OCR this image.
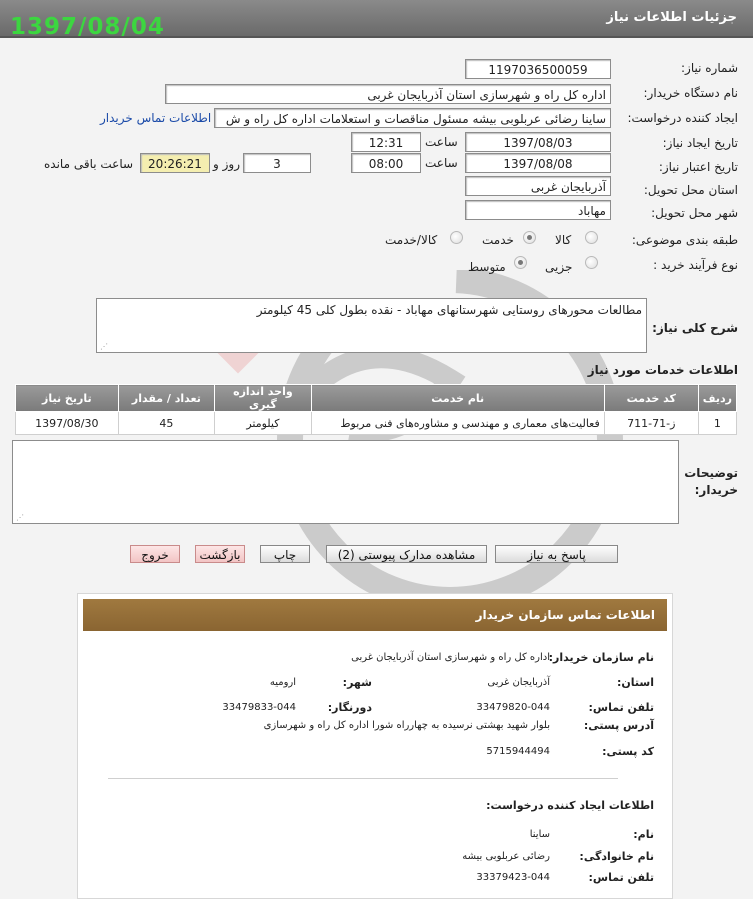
جزئیات اطلاعات نیاز
1397/08/04
شماره نیاز:
1197036500059
نام دستگاه خریدار:
اداره کل راه و شهرسازی استان آذربایجان غربی
ایجاد کننده درخواست:
ساینا رضائی عربلوبی بیشه مسئول مناقصات و استعلامات اداره کل راه و ش
اطلاعات تماس خریدار
تاریخ ایجاد نیاز:
1397/08/03
ساعت
12:31
تاریخ اعتبار نیاز:
1397/08/08
ساعت
08:00
3
روز و
20:26:21
ساعت باقی مانده
استان محل تحویل:
آذربایجان غربی
شهر محل تحویل:
مهاباد
طبقه بندی موضوعی:
کالا
خدمت
کالا/خدمت
نوع فرآیند خرید :
جزیی
متوسط
شرح کلی نیاز:
مطالعات محورهای روستایی شهرستانهای مهاباد - نقده بطول کلی 45 کیلومتر
⋰
اطلاعات خدمات مورد نیاز
ردیف	کد خدمت	نام خدمت	واحد اندازه گیری	تعداد / مقدار	تاریخ نیاز
1	ز-71-711	فعالیت‌های معماری و مهندسی و مشاوره‌های فنی مربوط	کیلومتر	45	1397/08/30
توضیحات
خریدار:
⋰
پاسخ به نیاز
مشاهده مدارک پیوستی (2)
چاپ
بازگشت
خروج
اطلاعات تماس سازمان خریدار
نام سازمان خریدار:
اداره کل راه و شهرسازی استان آذربایجان غربی
استان:
آذربایجان غربی
شهر:
ارومیه
تلفن تماس:
33479820-044
دورنگار:
33479833-044
آدرس پستی:
بلوار شهید بهشتی نرسیده به چهارراه شورا اداره کل راه و شهرسازی
کد پستی:
5715944494
اطلاعات ایجاد کننده درخواست:
نام:
ساینا
نام خانوادگی:
رضائی عربلوبی بیشه
تلفن تماس:
33379423-044
